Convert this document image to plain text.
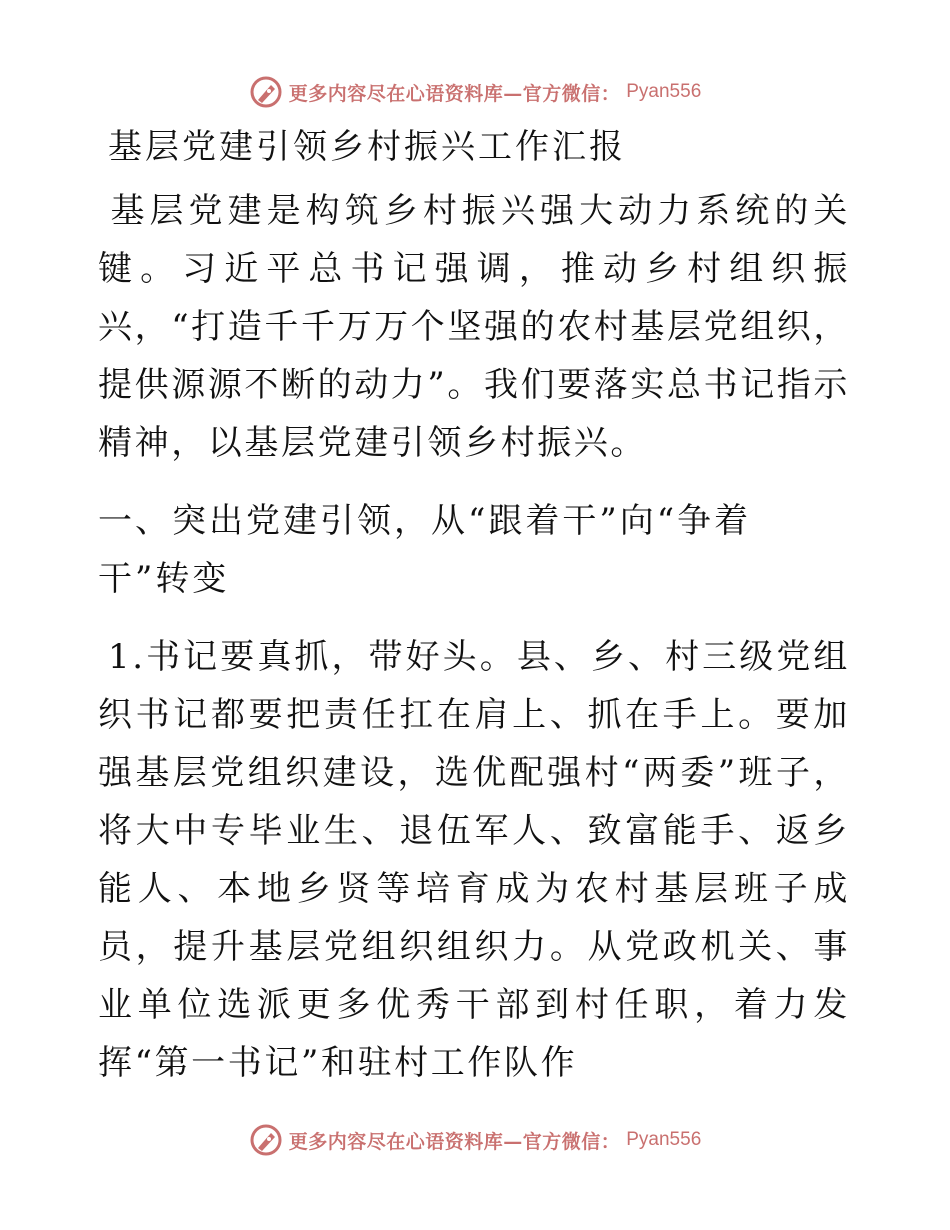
更多内容尽在心语资料库—官方微信： Pyan556
基层党建引领乡村振兴工作汇报

基层党建是构筑乡村振兴强大动力系统的关键。习近平总书记强调，推动乡村组织振兴，“打造千千万万个坚强的农村基层党组织，提供源源不断的动力”。我们要落实总书记指示精神，以基层党建引领乡村振兴。

一、突出党建引领，从“跟着干”向“争着干”转变

1.书记要真抓，带好头。县、乡、村三级党组织书记都要把责任扛在肩上、抓在手上。要加强基层党组织建设，选优配强村“两委”班子，将大中专毕业生、退伍军人、致富能手、返乡能人、本地乡贤等培育成为农村基层班子成员，提升基层党组织组织力。从党政机关、事业单位选派更多优秀干部到村任职，着力发挥“第一书记”和驻村工作队作

更多内容尽在心语资料库—官方微信： Pyan556
